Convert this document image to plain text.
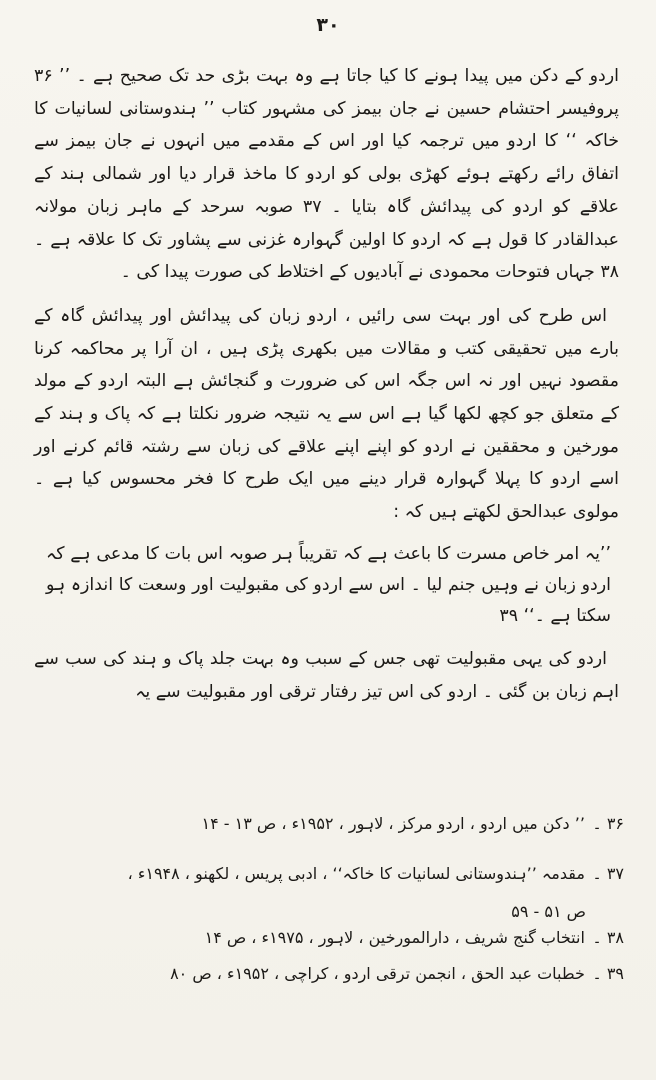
۳۰

اردو کے دکن میں پیدا ہونے کا کیا جاتا ہے وہ بہت بڑی حد تک صحیح ہے ۔ ’’ ۳۶ پروفیسر احتشام حسین نے جان بیمز کی مشہور کتاب ’’ ہندوستانی لسانیات کا خاکہ ‘‘ کا اردو میں ترجمہ کیا اور اس کے مقدمے میں انہوں نے جان بیمز سے اتفاق رائے رکھتے ہوئے کھڑی بولی کو اردو کا ماخذ قرار دیا اور شمالی ہند کے علاقے کو اردو کی پیدائش گاہ بتایا ۔ ۳۷ صوبہ سرحد کے ماہر زبان مولانہ عبدالقادر کا قول ہے کہ اردو کا اولین گہوارہ غزنی سے پشاور تک کا علاقہ ہے ۔ ۳۸ جہاں فتوحات محمودی نے آبادیوں کے اختلاط کی صورت پیدا کی ۔

اس طرح کی اور بہت سی رائیں ، اردو زبان کی پیدائش اور پیدائش گاہ کے بارے میں تحقیقی کتب و مقالات میں بکھری پڑی ہیں ، ان آرا پر محاکمہ کرنا مقصود نہیں اور نہ اس جگہ اس کی ضرورت و گنجائش ہے البتہ اردو کے مولد کے متعلق جو کچھ لکھا گیا ہے اس سے یہ نتیجہ ضرور نکلتا ہے کہ پاک و ہند کے مورخین و محققین نے اردو کو اپنے اپنے علاقے کی زبان سے رشتہ قائم کرنے اور اسے اردو کا پہلا گہوارہ قرار دینے میں ایک طرح کا فخر محسوس کیا ہے ۔ مولوی عبدالحق لکھتے ہیں کہ :

’’یہ امر خاص مسرت کا باعث ہے کہ تقریباً ہر صوبہ اس بات کا مدعی ہے کہ اردو زبان نے وہیں جنم لیا ۔ اس سے اردو کی مقبولیت اور وسعت کا اندازہ ہو سکتا ہے ۔‘‘ ۳۹

اردو کی یہی مقبولیت تھی جس کے سبب وہ بہت جلد پاک و ہند کی سب سے اہم زبان بن گئی ۔ اردو کی اس تیز رفتار ترقی اور مقبولیت سے یہ

۳۶ ۔ ’’ دکن میں اردو ، اردو مرکز ، لاہور ، ۱۹۵۲ء ، ص ۱۳ - ۱۴
۳۷ ۔ مقدمہ ’’ہندوستانی لسانیات کا خاکہ‘‘ ، ادبی پریس ، لکھنو ، ۱۹۴۸ء ،
ص ۵۱ - ۵۹
۳۸ ۔ انتخاب گنج شریف ، دارالمورخین ، لاہور ، ۱۹۷۵ء ، ص ۱۴
۳۹ ۔ خطبات عبد الحق ، انجمن ترقی اردو ، کراچی ، ۱۹۵۲ء ، ص ۸۰
